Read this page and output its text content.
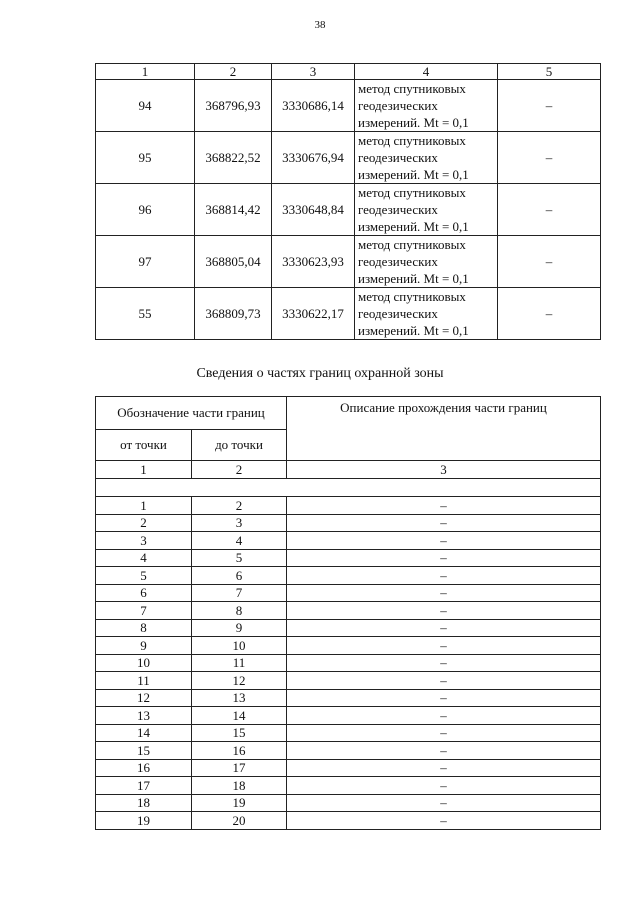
38
1	2	3	4	5
94	368796,93	3330686,14	метод спутниковых
геодезических
измерений. Mt = 0,1	–
95	368822,52	3330676,94	метод спутниковых
геодезических
измерений. Mt = 0,1	–
96	368814,42	3330648,84	метод спутниковых
геодезических
измерений. Mt = 0,1	–
97	368805,04	3330623,93	метод спутниковых
геодезических
измерений. Mt = 0,1	–
55	368809,73	3330622,17	метод спутниковых
геодезических
измерений. Mt = 0,1	–
Сведения о частях границ охранной зоны
Обозначение части границ		Описание прохождения части границ
от точки	до точки	
1	2	3

1	2	–
2	3	–
3	4	–
4	5	–
5	6	–
6	7	–
7	8	–
8	9	–
9	10	–
10	11	–
11	12	–
12	13	–
13	14	–
14	15	–
15	16	–
16	17	–
17	18	–
18	19	–
19	20	–
